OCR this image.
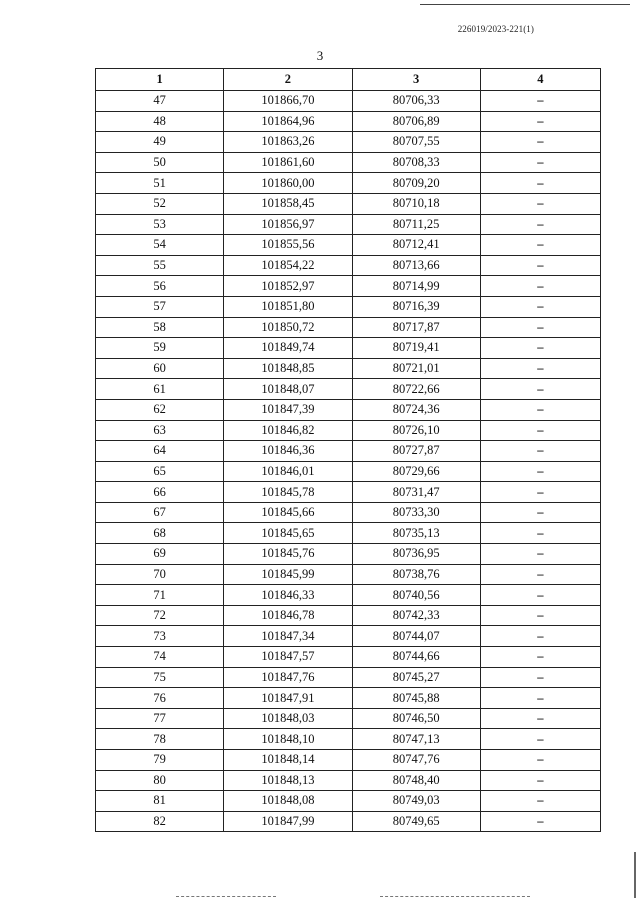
226019/2023-221(1)
3
1	2	3	4
47	101866,70	80706,33	–
48	101864,96	80706,89	–
49	101863,26	80707,55	–
50	101861,60	80708,33	–
51	101860,00	80709,20	–
52	101858,45	80710,18	–
53	101856,97	80711,25	–
54	101855,56	80712,41	–
55	101854,22	80713,66	–
56	101852,97	80714,99	–
57	101851,80	80716,39	–
58	101850,72	80717,87	–
59	101849,74	80719,41	–
60	101848,85	80721,01	–
61	101848,07	80722,66	–
62	101847,39	80724,36	–
63	101846,82	80726,10	–
64	101846,36	80727,87	–
65	101846,01	80729,66	–
66	101845,78	80731,47	–
67	101845,66	80733,30	–
68	101845,65	80735,13	–
69	101845,76	80736,95	–
70	101845,99	80738,76	–
71	101846,33	80740,56	–
72	101846,78	80742,33	–
73	101847,34	80744,07	–
74	101847,57	80744,66	–
75	101847,76	80745,27	–
76	101847,91	80745,88	–
77	101848,03	80746,50	–
78	101848,10	80747,13	–
79	101848,14	80747,76	–
80	101848,13	80748,40	–
81	101848,08	80749,03	–
82	101847,99	80749,65	–
